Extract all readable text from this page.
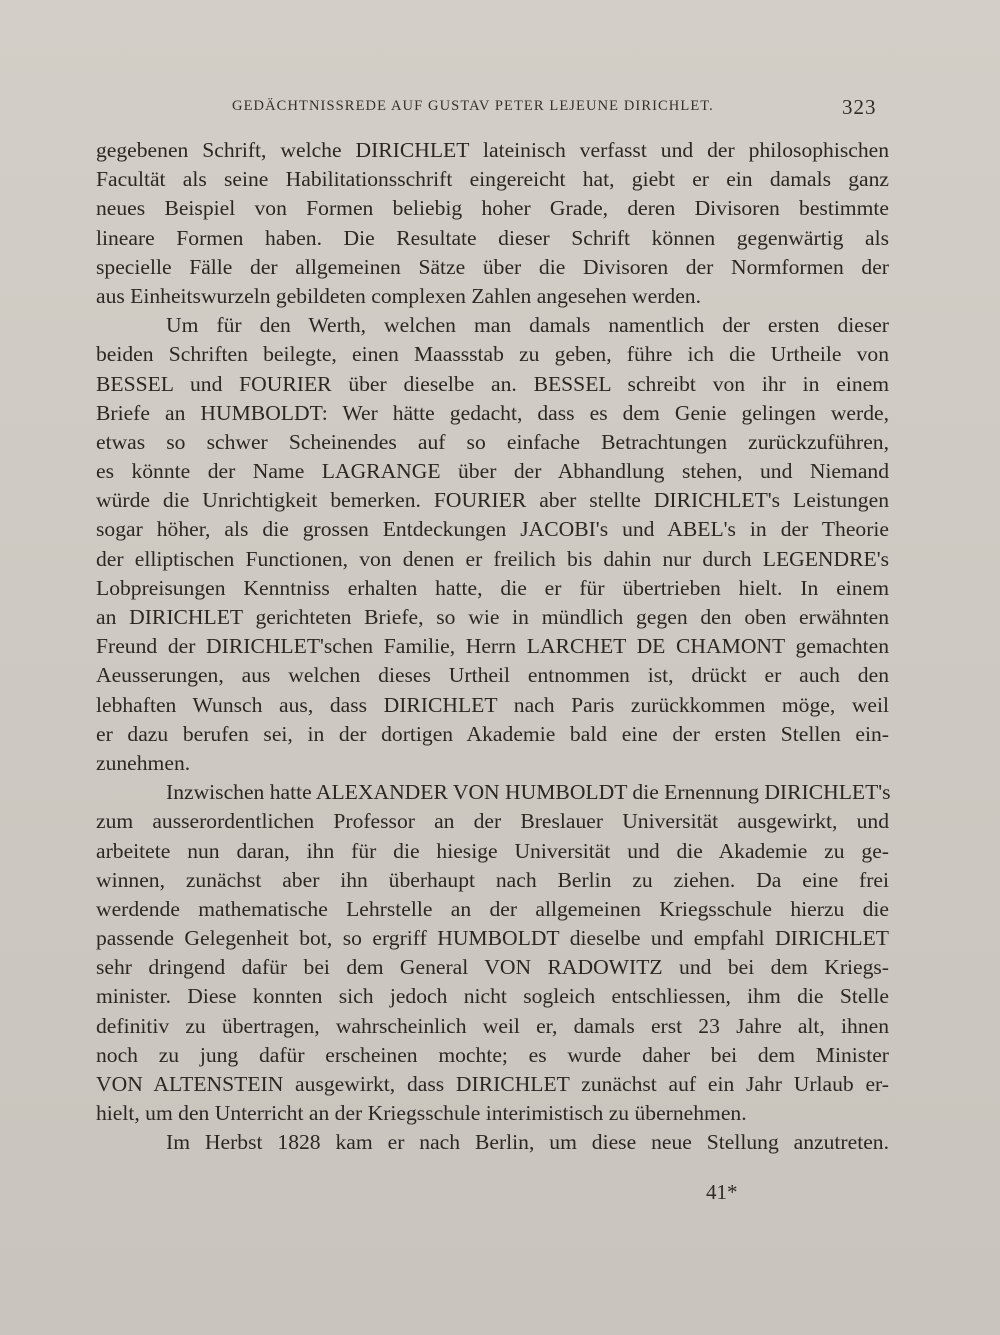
GEDÄCHTNISSREDE AUF GUSTAV PETER LEJEUNE DIRICHLET.	323
gegebenen Schrift, welche DIRICHLET lateinisch verfasst und der philosophischen
Facultät als seine Habilitationsschrift eingereicht hat, giebt er ein damals ganz
neues Beispiel von Formen beliebig hoher Grade, deren Divisoren bestimmte
lineare Formen haben. Die Resultate dieser Schrift können gegenwärtig als
specielle Fälle der allgemeinen Sätze über die Divisoren der Normformen der
aus Einheitswurzeln gebildeten complexen Zahlen angesehen werden.
Um für den Werth, welchen man damals namentlich der ersten dieser
beiden Schriften beilegte, einen Maassstab zu geben, führe ich die Urtheile von
BESSEL und FOURIER über dieselbe an. BESSEL schreibt von ihr in einem
Briefe an HUMBOLDT: Wer hätte gedacht, dass es dem Genie gelingen werde,
etwas so schwer Scheinendes auf so einfache Betrachtungen zurückzuführen,
es könnte der Name LAGRANGE über der Abhandlung stehen, und Niemand
würde die Unrichtigkeit bemerken. FOURIER aber stellte DIRICHLET's Leistungen
sogar höher, als die grossen Entdeckungen JACOBI's und ABEL's in der Theorie
der elliptischen Functionen, von denen er freilich bis dahin nur durch LEGENDRE's
Lobpreisungen Kenntniss erhalten hatte, die er für übertrieben hielt. In einem
an DIRICHLET gerichteten Briefe, so wie in mündlich gegen den oben erwähnten
Freund der DIRICHLET'schen Familie, Herrn LARCHET DE CHAMONT gemachten
Aeusserungen, aus welchen dieses Urtheil entnommen ist, drückt er auch den
lebhaften Wunsch aus, dass DIRICHLET nach Paris zurückkommen möge, weil
er dazu berufen sei, in der dortigen Akademie bald eine der ersten Stellen ein-
zunehmen.
Inzwischen hatte ALEXANDER VON HUMBOLDT die Ernennung DIRICHLET's
zum ausserordentlichen Professor an der Breslauer Universität ausgewirkt, und
arbeitete nun daran, ihn für die hiesige Universität und die Akademie zu ge-
winnen, zunächst aber ihn überhaupt nach Berlin zu ziehen. Da eine frei
werdende mathematische Lehrstelle an der allgemeinen Kriegsschule hierzu die
passende Gelegenheit bot, so ergriff HUMBOLDT dieselbe und empfahl DIRICHLET
sehr dringend dafür bei dem General VON RADOWITZ und bei dem Kriegs-
minister. Diese konnten sich jedoch nicht sogleich entschliessen, ihm die Stelle
definitiv zu übertragen, wahrscheinlich weil er, damals erst 23 Jahre alt, ihnen
noch zu jung dafür erscheinen mochte; es wurde daher bei dem Minister
VON ALTENSTEIN ausgewirkt, dass DIRICHLET zunächst auf ein Jahr Urlaub er-
hielt, um den Unterricht an der Kriegsschule interimistisch zu übernehmen.
Im Herbst 1828 kam er nach Berlin, um diese neue Stellung anzutreten.
41*
